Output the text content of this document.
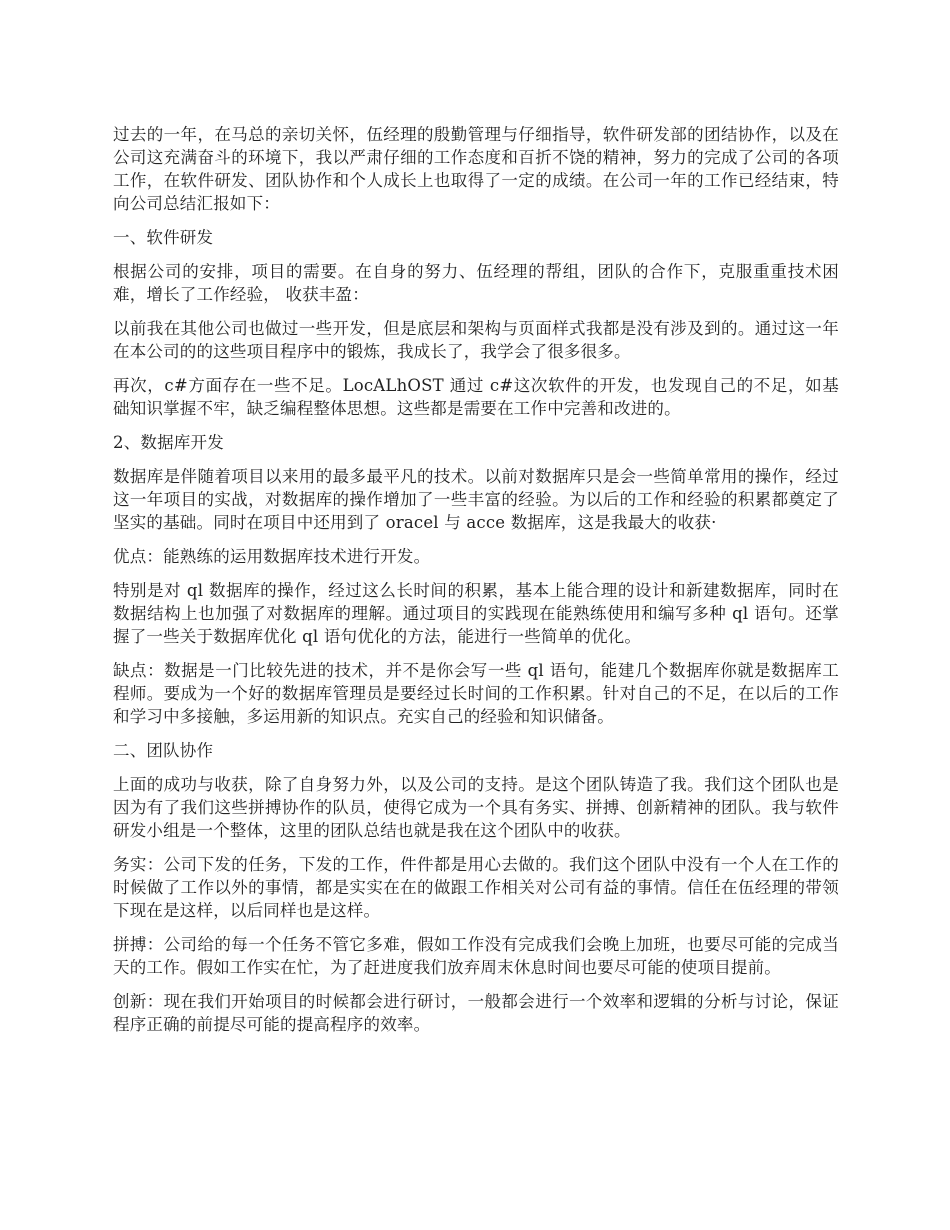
过去的一年，在马总的亲切关怀，伍经理的殷勤管理与仔细指导，软件研发部的团结协作，以及在公司这充满奋斗的环境下，我以严肃仔细的工作态度和百折不饶的精神，努力的完成了公司的各项工作，在软件研发、团队协作和个人成长上也取得了一定的成绩。在公司一年的工作已经结束，特向公司总结汇报如下：

一、软件研发

根据公司的安排，项目的需要。在自身的努力、伍经理的帮组，团队的合作下，克服重重技术困难，增长了工作经验， 收获丰盈：

以前我在其他公司也做过一些开发，但是底层和架构与页面样式我都是没有涉及到的。通过这一年在本公司的的这些项目程序中的锻炼，我成长了，我学会了很多很多。

再次，c#方面存在一些不足。LocALhOST 通过 c#这次软件的开发，也发现自己的不足，如基础知识掌握不牢，缺乏编程整体思想。这些都是需要在工作中完善和改进的。

2、数据库开发

数据库是伴随着项目以来用的最多最平凡的技术。以前对数据库只是会一些简单常用的操作，经过这一年项目的实战，对数据库的操作增加了一些丰富的经验。为以后的工作和经验的积累都奠定了坚实的基础。同时在项目中还用到了 oracel 与 acce 数据库，这是我最大的收获·

优点：能熟练的运用数据库技术进行开发。

特别是对 ql 数据库的操作，经过这么长时间的积累，基本上能合理的设计和新建数据库，同时在数据结构上也加强了对数据库的理解。通过项目的实践现在能熟练使用和编写多种 ql 语句。还掌握了一些关于数据库优化 ql 语句优化的方法，能进行一些简单的优化。

缺点：数据是一门比较先进的技术，并不是你会写一些 ql 语句，能建几个数据库你就是数据库工程师。要成为一个好的数据库管理员是要经过长时间的工作积累。针对自己的不足，在以后的工作和学习中多接触，多运用新的知识点。充实自己的经验和知识储备。

二、团队协作

上面的成功与收获，除了自身努力外，以及公司的支持。是这个团队铸造了我。我们这个团队也是因为有了我们这些拼搏协作的队员，使得它成为一个具有务实、拼搏、创新精神的团队。我与软件研发小组是一个整体，这里的团队总结也就是我在这个团队中的收获。

务实：公司下发的任务，下发的工作，件件都是用心去做的。我们这个团队中没有一个人在工作的时候做了工作以外的事情，都是实实在在的做跟工作相关对公司有益的事情。信任在伍经理的带领下现在是这样，以后同样也是这样。

拼搏：公司给的每一个任务不管它多难，假如工作没有完成我们会晚上加班，也要尽可能的完成当天的工作。假如工作实在忙，为了赶进度我们放弃周末休息时间也要尽可能的使项目提前。

创新：现在我们开始项目的时候都会进行研讨，一般都会进行一个效率和逻辑的分析与讨论，保证程序正确的前提尽可能的提高程序的效率。
